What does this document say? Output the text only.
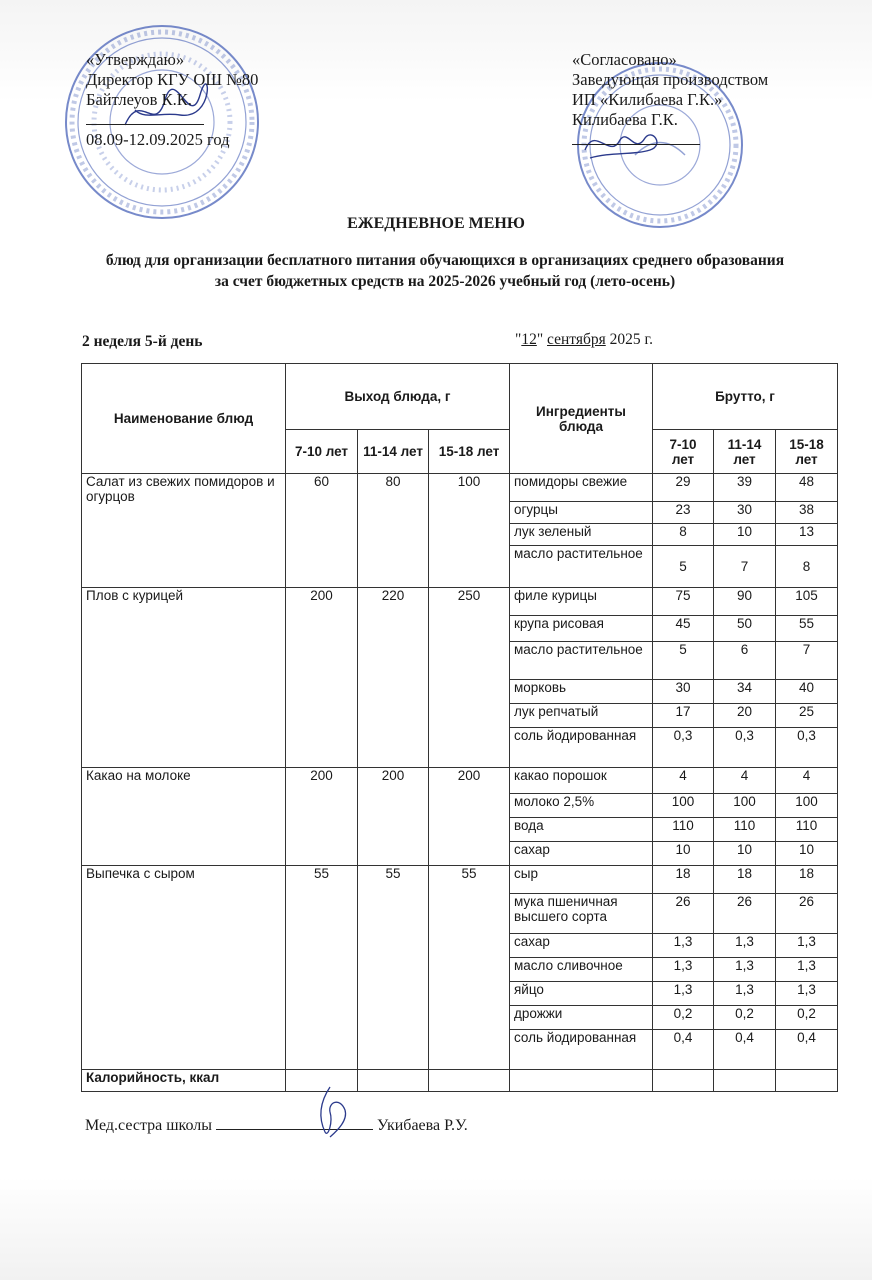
«Утверждаю»
Директор КГУ ОШ №80
Байтлеуов К.К.
08.09-12.09.2025 год
«Согласовано»
Заведующая производством
ИП «Килибаева Г.К.»
Килибаева Г.К.
ЕЖЕДНЕВНОЕ МЕНЮ
блюд для организации бесплатного питания обучающихся в организациях среднего образования за счет бюджетных средств на 2025-2026 учебный год (лето-осень)
2 неделя 5-й день	"12" сентября 2025 г.
Наименование блюд	Выход блюда, г			Ингредиенты блюда	Брутто, г		
	7-10 лет	11-14 лет	15-18 лет		7-10 лет	11-14 лет	15-18 лет
Салат из свежих помидоров и огурцов	60	80	100	помидоры свежие	29	39	48
				огурцы	23	30	38
				лук зеленый	8	10	13
				масло растительное	5	7	8
Плов с курицей	200	220	250	филе курицы	75	90	105
				крупа рисовая	45	50	55
				масло растительное	5	6	7
				морковь	30	34	40
				лук репчатый	17	20	25
				соль йодированная	0,3	0,3	0,3
Какао на молоке	200	200	200	какао порошок	4	4	4
				молоко 2,5%	100	100	100
				вода	110	110	110
				сахар	10	10	10
Выпечка с сыром	55	55	55	сыр	18	18	18
				мука пшеничная высшего сорта	26	26	26
				сахар	1,3	1,3	1,3
				масло сливочное	1,3	1,3	1,3
				яйцо	1,3	1,3	1,3
				дрожжи	0,2	0,2	0,2
				соль йодированная	0,4	0,4	0,4
Калорийность, ккал							
Мед.сестра школы	Укибаева Р.У.
